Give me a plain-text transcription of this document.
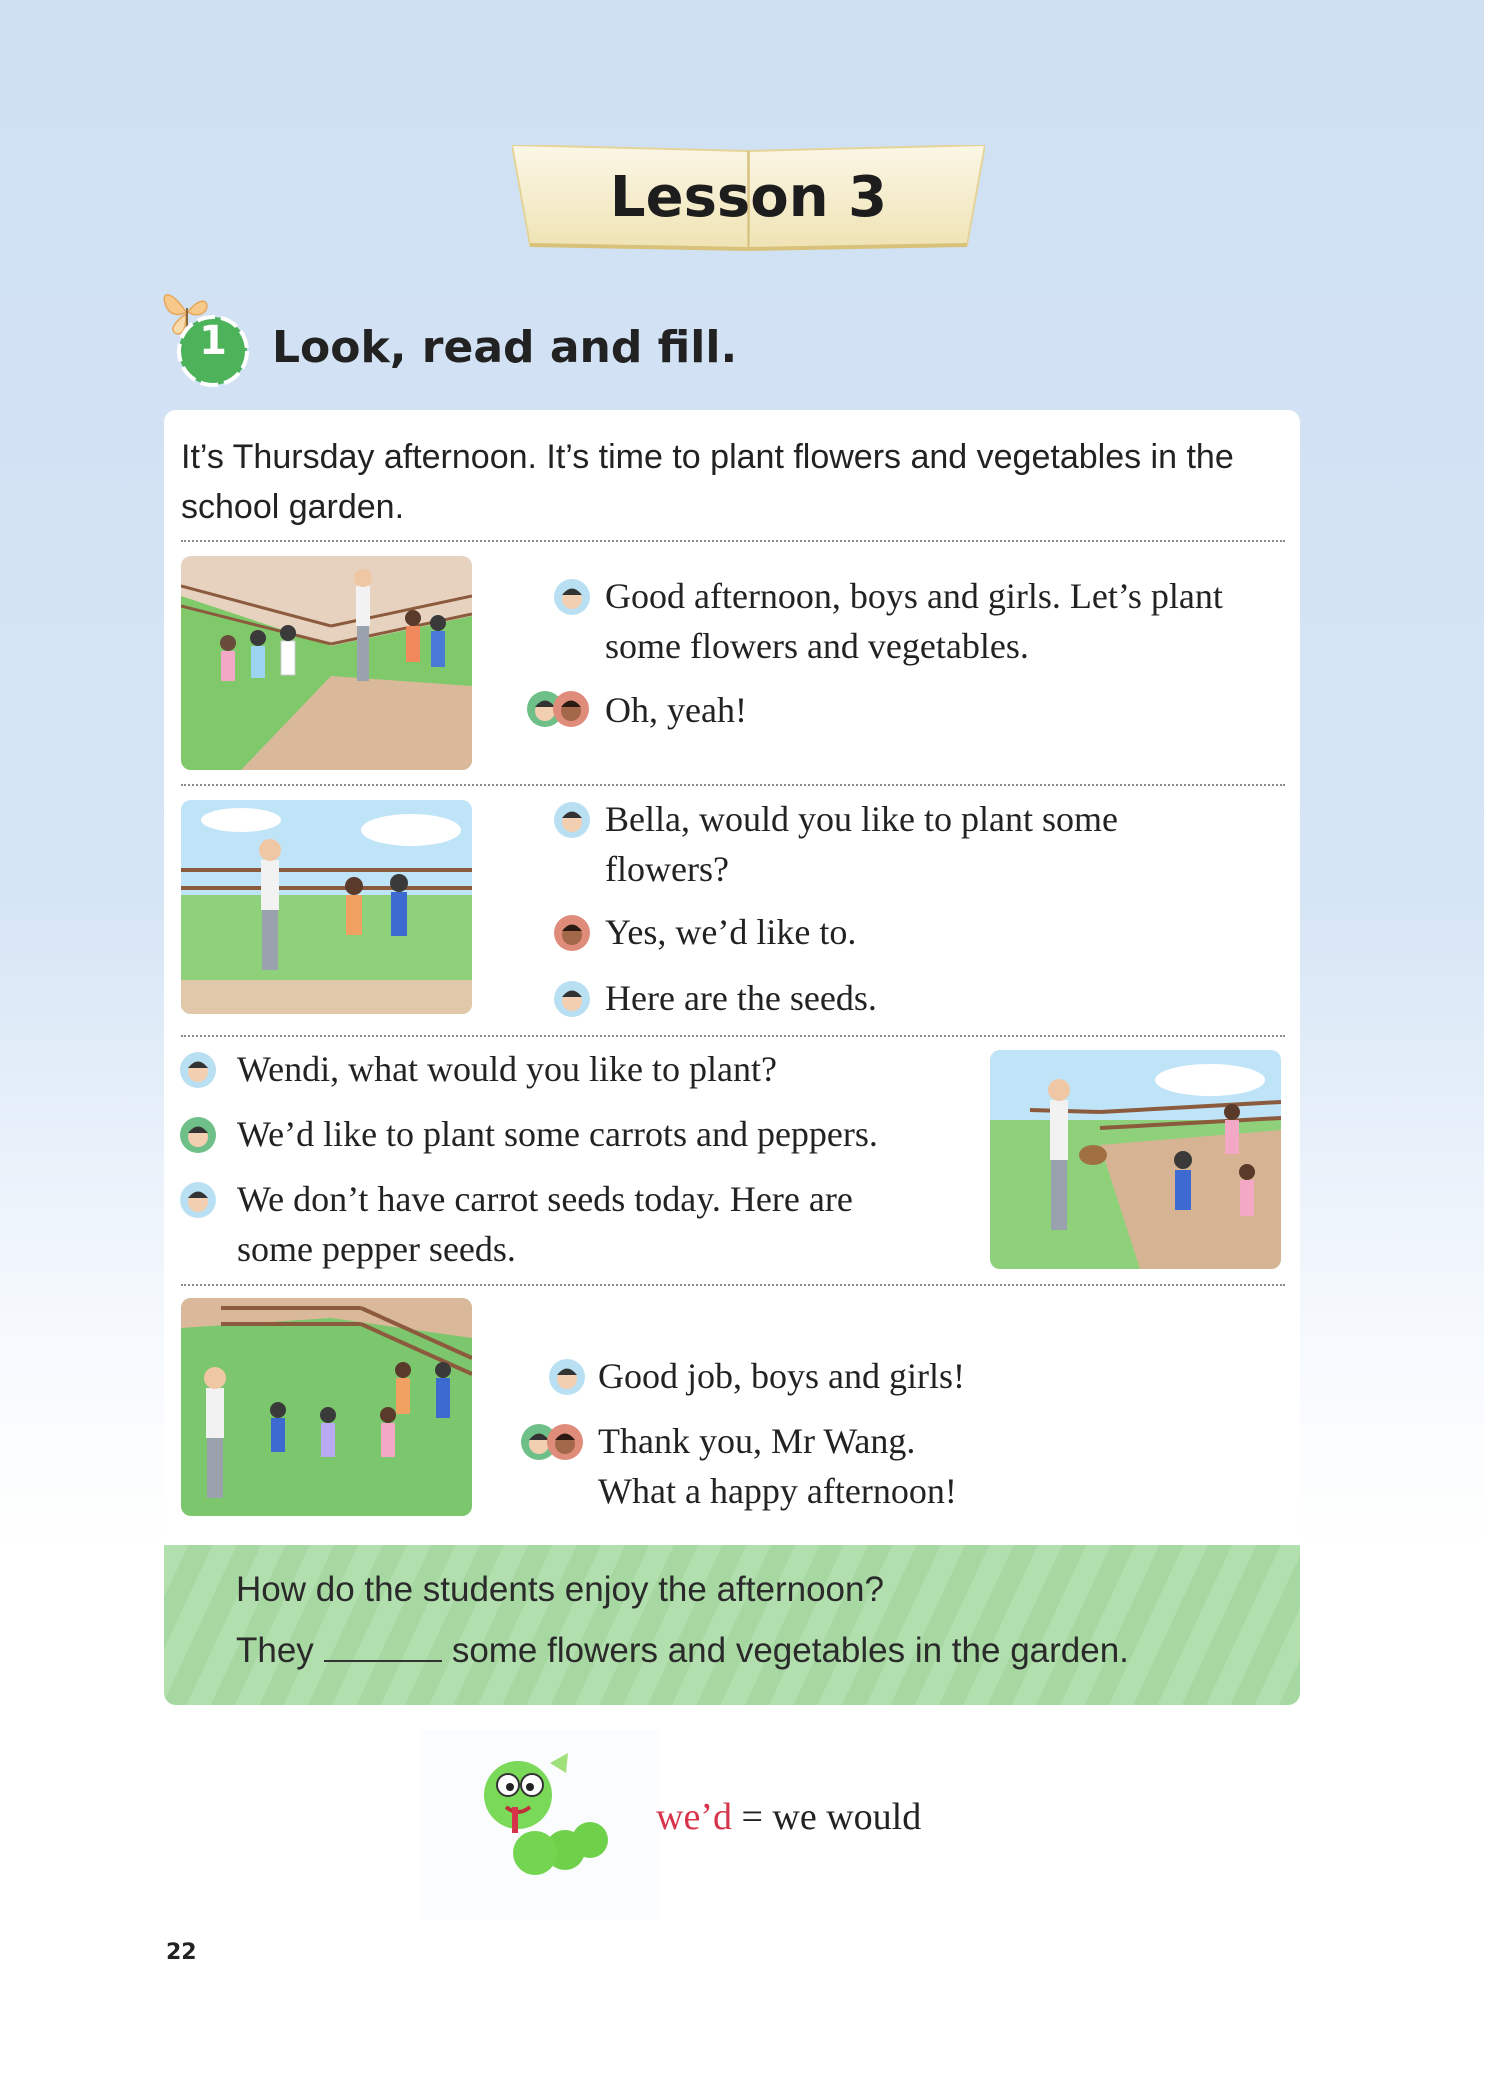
Lesson 3
1	Look, read and fill.
It’s Thursday afternoon. It’s time to plant flowers and vegetables in the school garden.
Good afternoon, boys and girls. Let’s plant
some flowers and vegetables.
Oh, yeah!
Bella, would you like to plant some
flowers?
Yes, we’d like to.
Here are the seeds.
Wendi, what would you like to plant?
We’d like to plant some carrots and peppers.
We don’t have carrot seeds today. Here are
some pepper seeds.
Good job, boys and girls!
Thank you, Mr Wang.
What a happy afternoon!
How do the students enjoy the afternoon?
They	some flowers and vegetables in the garden.
we’d = we would
22
